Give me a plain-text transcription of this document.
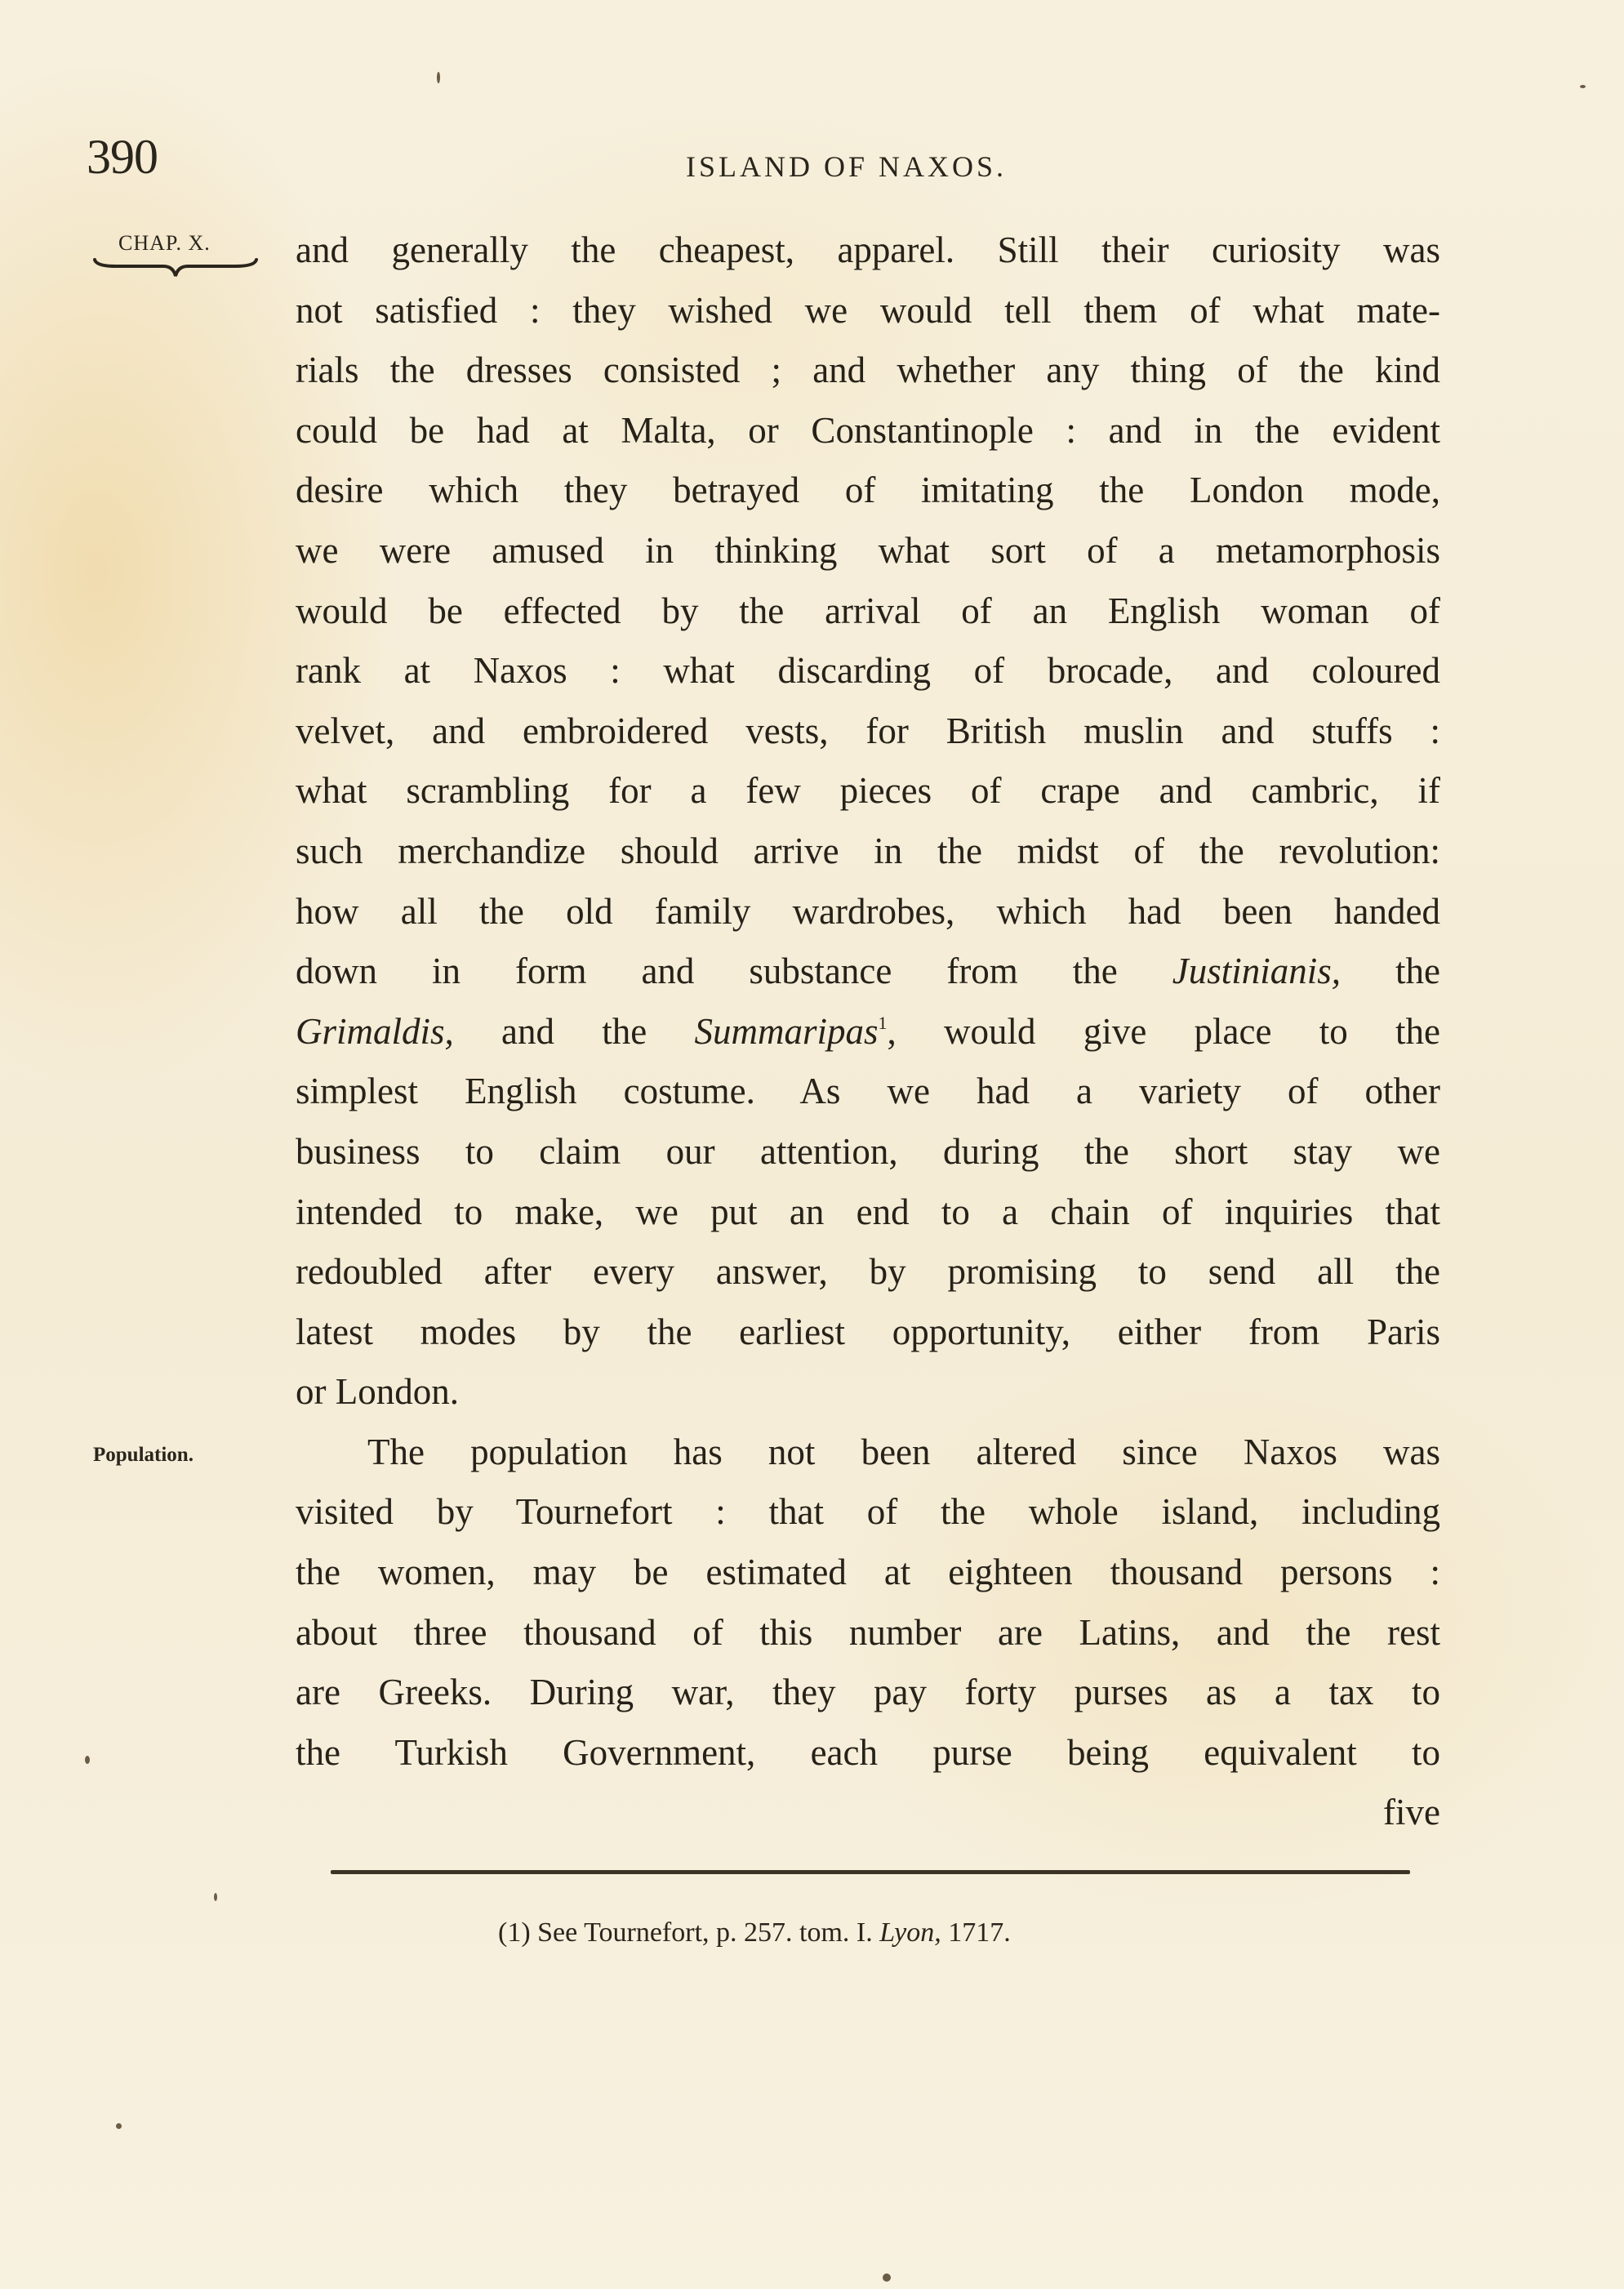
390	ISLAND OF NAXOS.
CHAP. X.
Population.
and generally the cheapest, apparel. Still their curiosity was
not satisfied : they wished we would tell them of what mate-
rials the dresses consisted ; and whether any thing of the kind
could be had at Malta, or Constantinople : and in the evident
desire which they betrayed of imitating the London mode,
we were amused in thinking what sort of a metamorphosis
would be effected by the arrival of an English woman of
rank at Naxos : what discarding of brocade, and coloured
velvet, and embroidered vests, for British muslin and stuffs :
what scrambling for a few pieces of crape and cambric, if
such merchandize should arrive in the midst of the revolution:
how all the old family wardrobes, which had been handed
down in form and substance from the Justinianis, the
Grimaldis, and the Summaripas$^1$, would give place to the
simplest English costume. As we had a variety of other
business to claim our attention, during the short stay we
intended to make, we put an end to a chain of inquiries that
redoubled after every answer, by promising to send all the
latest modes by the earliest opportunity, either from Paris
or London.
The population has not been altered since Naxos was
visited by Tournefort : that of the whole island, including
the women, may be estimated at eighteen thousand persons :
about three thousand of this number are Latins, and the rest
are Greeks. During war, they pay forty purses as a tax to
the Turkish Government, each purse being equivalent to
five
(1) See Tournefort, p. 257. tom. I. Lyon, 1717.
